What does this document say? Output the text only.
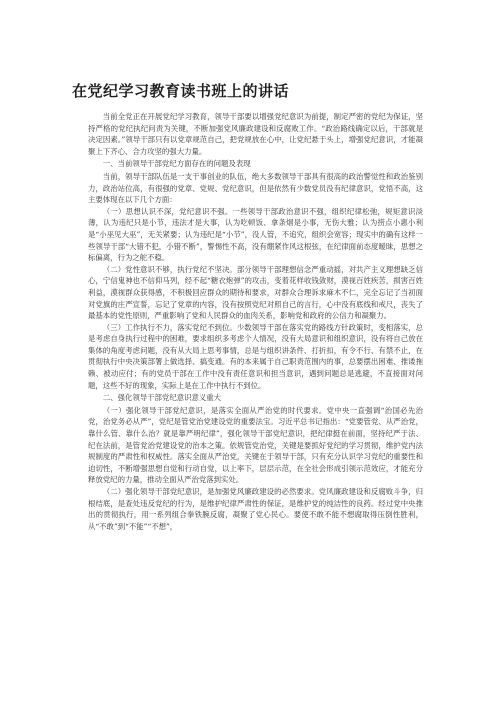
在党纪学习教育读书班上的讲话

当前全党正在开展党纪学习教育，领导干部要以增强党纪意识为前提，制定严密的党纪为保证，坚持严格的党纪执纪问责为关键，不断加强党风廉政建设和反腐败工作。“政治路线确定以后，干部就是决定因素。”领导干部只有以党章规范自己，把党规放在心中，让党纪悬于头上，增强党纪意识，才能凝聚上下齐心、合力攻坚的强大力量。

一、当前领导干部党纪方面存在的问题及表现

当前，领导干部队伍是一支干事创业的队伍，绝大多数领导干部具有很高的政治警觉性和政治鉴别力，政治站位高，有很强的党章、党规、党纪意识，但是依然有少数党员没有纪律意识，党悟不高，这主要体现在以下几个方面：

（一）思想认识不深，党纪意识不强。一些领导干部政治意识不强，组织纪律松弛，规矩意识淡薄，认为违纪只是小节，违法才是大事，认为吃顿饭、拿条烟是小事，无伤大雅；认为捞点小惠小利是“小巫见大巫”，无关紧要；认为违纪是“小节”，没人管，不追究，组织会宽容；现实中的确有这样一些领导干部“大错不犯，小错不断”，警惕性不高，没有绷紧作风这根弦，在纪律面前态度暧昧，思想之标偏离，行为之舵不稳。

（二）党性意识不够，执行党纪不坚决。部分领导干部理想信念严重动摇，对共产主义理想缺乏信心，宁信鬼神也不信仰马列，经不起“糖衣炮弹”的攻击，变着花样收钱敛财，漠视百姓疾苦，损害百姓利益，漠视群众获得感，不积极回应群众的期待和要求，对群众合理诉求麻木不仁，完全忘记了当初面对党旗的庄严宣誓，忘记了党章的内容，没有按照党纪对照自己的言行，心中没有底线和戒尺，丧失了最基本的党性原则，严重影响了党和人民群众的血肉关系，影响党和政府的公信力和凝聚力。

（三）工作执行不力，落实党纪不到位。少数领导干部在落实党的路线方针政策时，变相落实，总是考虑自身执行过程中的困难，要求组织多考虑个人情况，没有大局意识和组织意识，没有将自己放在集体的角度考虑问题，没有从大局上思考事情，总是与组织讲条件、打折扣，有令不行、有禁不止，在贯彻执行中央决策部署上做选择、搞变通。有的本来属于自己职责范围内的事，总要摆出困难、推诿拖赖、被动应付；有的党员干部在工作中没有责任意识和担当意识，遇到问题总是逃避，不直接面对问题，这些不好的现象，实际上是在工作中执行不到位。

二、强化领导干部党纪意识意义重大

（一）强化领导干部党纪意识，是落实全面从严治党的时代要求。党中央一直强调“治国必先治党，治党务必从严”，党纪是管党治党建设党的重要法宝。习近平总书记指出：“党要管党、从严治党，靠什么管、靠什么治？就是靠严明纪律”，强化领导干部党纪意识，把纪律挺在前面，坚持纪严于法、纪在法前，是管党治党建设党的治本之策。依规管党治党，关键是要抓好党纪的学习贯彻，维护党内法规制度的严肃性和权威性。落实全面从严治党，关键在于领导干部，只有充分认识学习党纪的重要性和迫切性，不断增强思想自觉和行动自觉，以上率下，层层示范，在全社会形成引领示范效应，才能充分释放党纪的力量，推动全面从严治党落到实处。

（二）强化领导干部党纪意识，是加强党风廉政建设的必然要求。党风廉政建设和反腐败斗争，归根结底，是查处违反党纪的行为，是维护纪律严肃性的保证，是维护党的纯洁性的良药。经过党中央推出的贯彻执行，用一系列组合拳铁腕反腐，凝聚了党心民心。要使不敢不能不想腐取得压倒性胜利，从“不敢”到“不能”“不想”，
